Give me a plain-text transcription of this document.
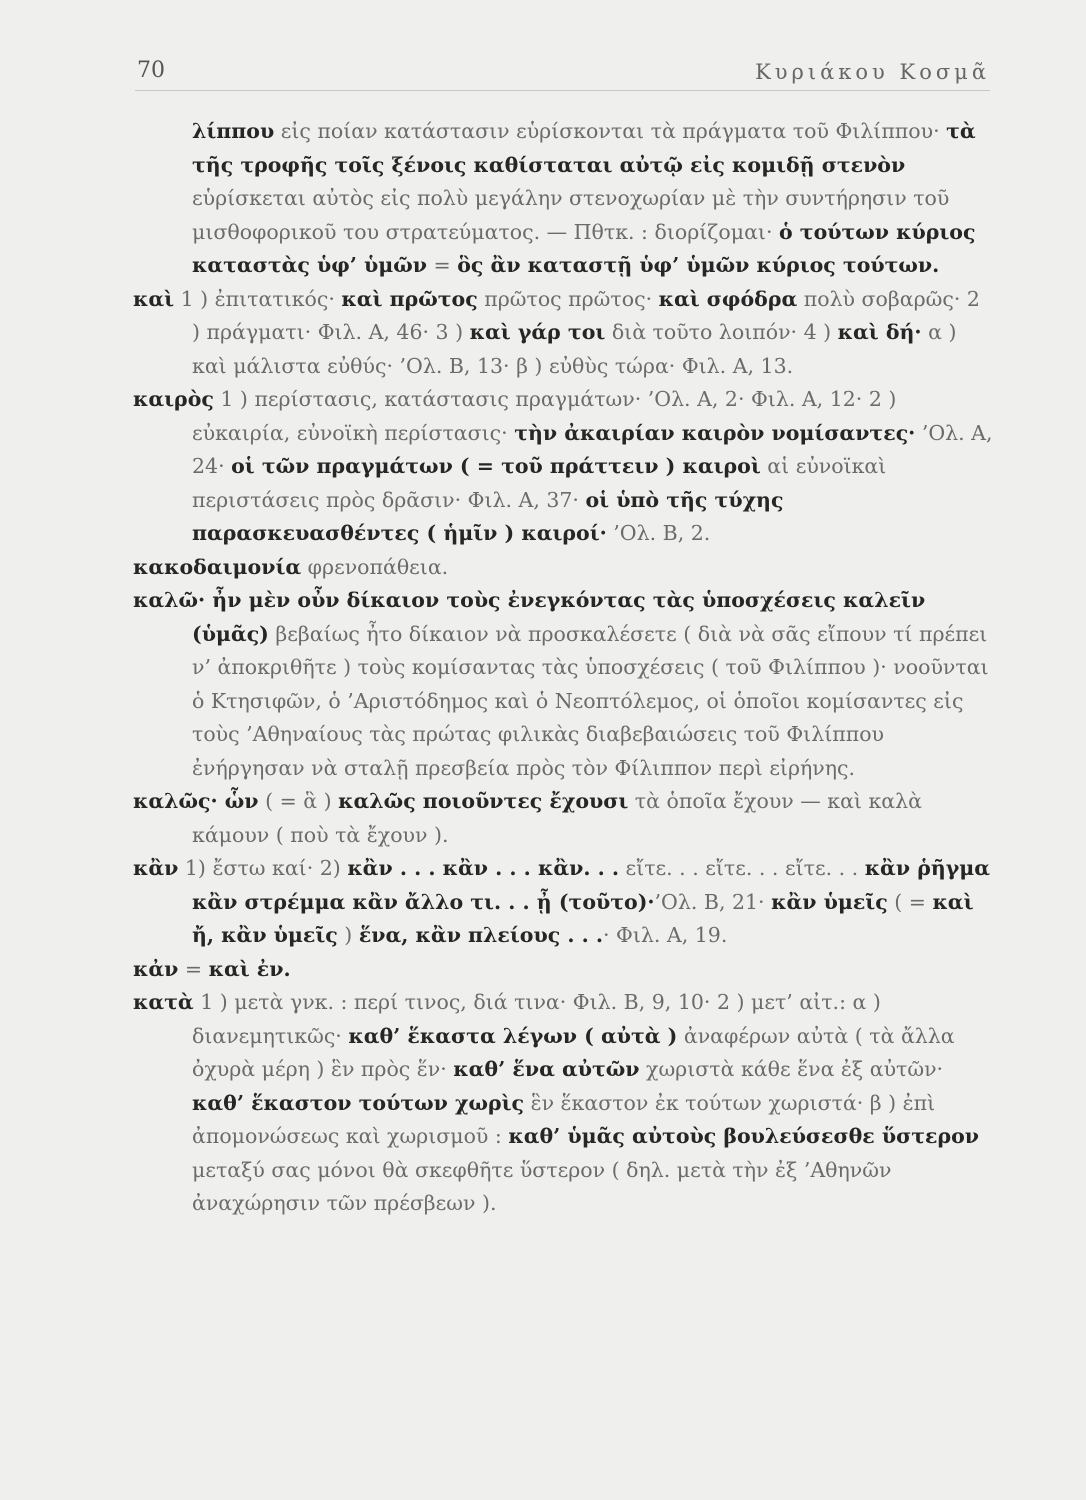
70	Κυριάκου Κοσμᾶ

λίππου εἰς ποίαν κατάστασιν εὑρίσκονται τὰ πράγματα τοῦ Φιλίππου· τὰ τῆς τροφῆς τοῖς ξένοις καθίσταται αὐτῷ εἰς κομιδῇ στενὸν εὑρίσκεται αὐτὸς εἰς πολὺ μεγάλην στενοχωρίαν μὲ τὴν συντήρησιν τοῦ μισθοφορικοῦ του στρατεύματος. — Πθτκ. : διορίζομαι· ὁ τούτων κύριος καταστὰς ὑφ’ ὑμῶν = ὃς ἂν καταστῇ ὑφ’ ὑμῶν κύριος τούτων.

καὶ 1 ) ἐπιτατικός· καὶ πρῶτος πρῶτος πρῶτος· καὶ σφόδρα πολὺ σοβαρῶς· 2 ) πράγματι· Φιλ. Α, 46· 3 ) καὶ γάρ τοι διὰ τοῦτο λοιπόν· 4 ) καὶ δή· α ) καὶ μάλιστα εὐθύς· ’Ολ. Β, 13· β ) εὐθὺς τώρα· Φιλ. Α, 13.

καιρὸς 1 ) περίστασις, κατάστασις πραγμάτων· ’Ολ. Α, 2· Φιλ. Α, 12· 2 ) εὐκαιρία, εὐνοϊκὴ περίστασις· τὴν ἀκαιρίαν καιρὸν νομίσαντες· ’Ολ. Α, 24· οἱ τῶν πραγμάτων ( = τοῦ πράττειν ) καιροὶ αἱ εὐνοϊκαὶ περιστάσεις πρὸς δρᾶσιν· Φιλ. Α, 37· οἱ ὑπὸ τῆς τύχης παρασκευασθέντες ( ἡμῖν ) καιροί· ’Ολ. Β, 2.

κακοδαιμονία φρενοπάθεια.

καλῶ· ἦν μὲν οὖν δίκαιον τοὺς ἐνεγκόντας τὰς ὑποσχέσεις καλεῖν (ὑμᾶς) βεβαίως ἦτο δίκαιον νὰ προσκαλέσετε ( διὰ νὰ σᾶς εἴπουν τί πρέπει ν’ ἀποκριθῆτε ) τοὺς κομίσαντας τὰς ὑποσχέσεις ( τοῦ Φιλίππου )· νοοῦνται ὁ Κτησιφῶν, ὁ ’Αριστόδημος καὶ ὁ Νεοπτόλεμος, οἱ ὁποῖοι κομίσαντες εἰς τοὺς ’Αθηναίους τὰς πρώτας φιλικὰς διαβεβαιώσεις τοῦ Φιλίππου ἐνήργησαν νὰ σταλῇ πρεσβεία πρὸς τὸν Φίλιππον περὶ εἰρήνης.

καλῶς· ὧν ( = ἃ ) καλῶς ποιοῦντες ἔχουσι τὰ ὁποῖα ἔχουν — καὶ καλὰ κάμουν ( ποὺ τὰ ἔχουν ).

κἂν 1) ἔστω καί· 2) κἂν . . . κἂν . . . κἂν. . . εἴτε. . . εἴτε. . . εἴτε. . . κἂν ῥῆγμα κἂν στρέμμα κἂν ἄλλο τι. . . ᾖ (τοῦτο)·’Ολ. Β, 21· κἂν ὑμεῖς ( = καὶ ἤ, κἂν ὑμεῖς ) ἕνα, κἂν πλείους . . .· Φιλ. Α, 19.

κἀν = καὶ ἐν.

κατὰ 1 ) μετὰ γνκ. : περί τινος, διά τινα· Φιλ. Β, 9, 10· 2 ) μετ’ αἰτ.: α ) διανεμητικῶς· καθ’ ἕκαστα λέγων ( αὐτὰ ) ἀναφέρων αὐτὰ ( τὰ ἄλλα ὀχυρὰ μέρη ) ἓν πρὸς ἕν· καθ’ ἕνα αὐτῶν χωριστὰ κάθε ἕνα ἐξ αὐτῶν· καθ’ ἕκαστον τούτων χωρὶς ἓν ἕκαστον ἐκ τούτων χωριστά· β ) ἐπὶ ἀπομονώσεως καὶ χωρισμοῦ : καθ’ ὑμᾶς αὐτοὺς βουλεύσεσθε ὕστερον μεταξύ σας μόνοι θὰ σκεφθῆτε ὕστερον ( δηλ. μετὰ τὴν ἐξ ’Αθηνῶν ἀναχώρησιν τῶν πρέσβεων ).
